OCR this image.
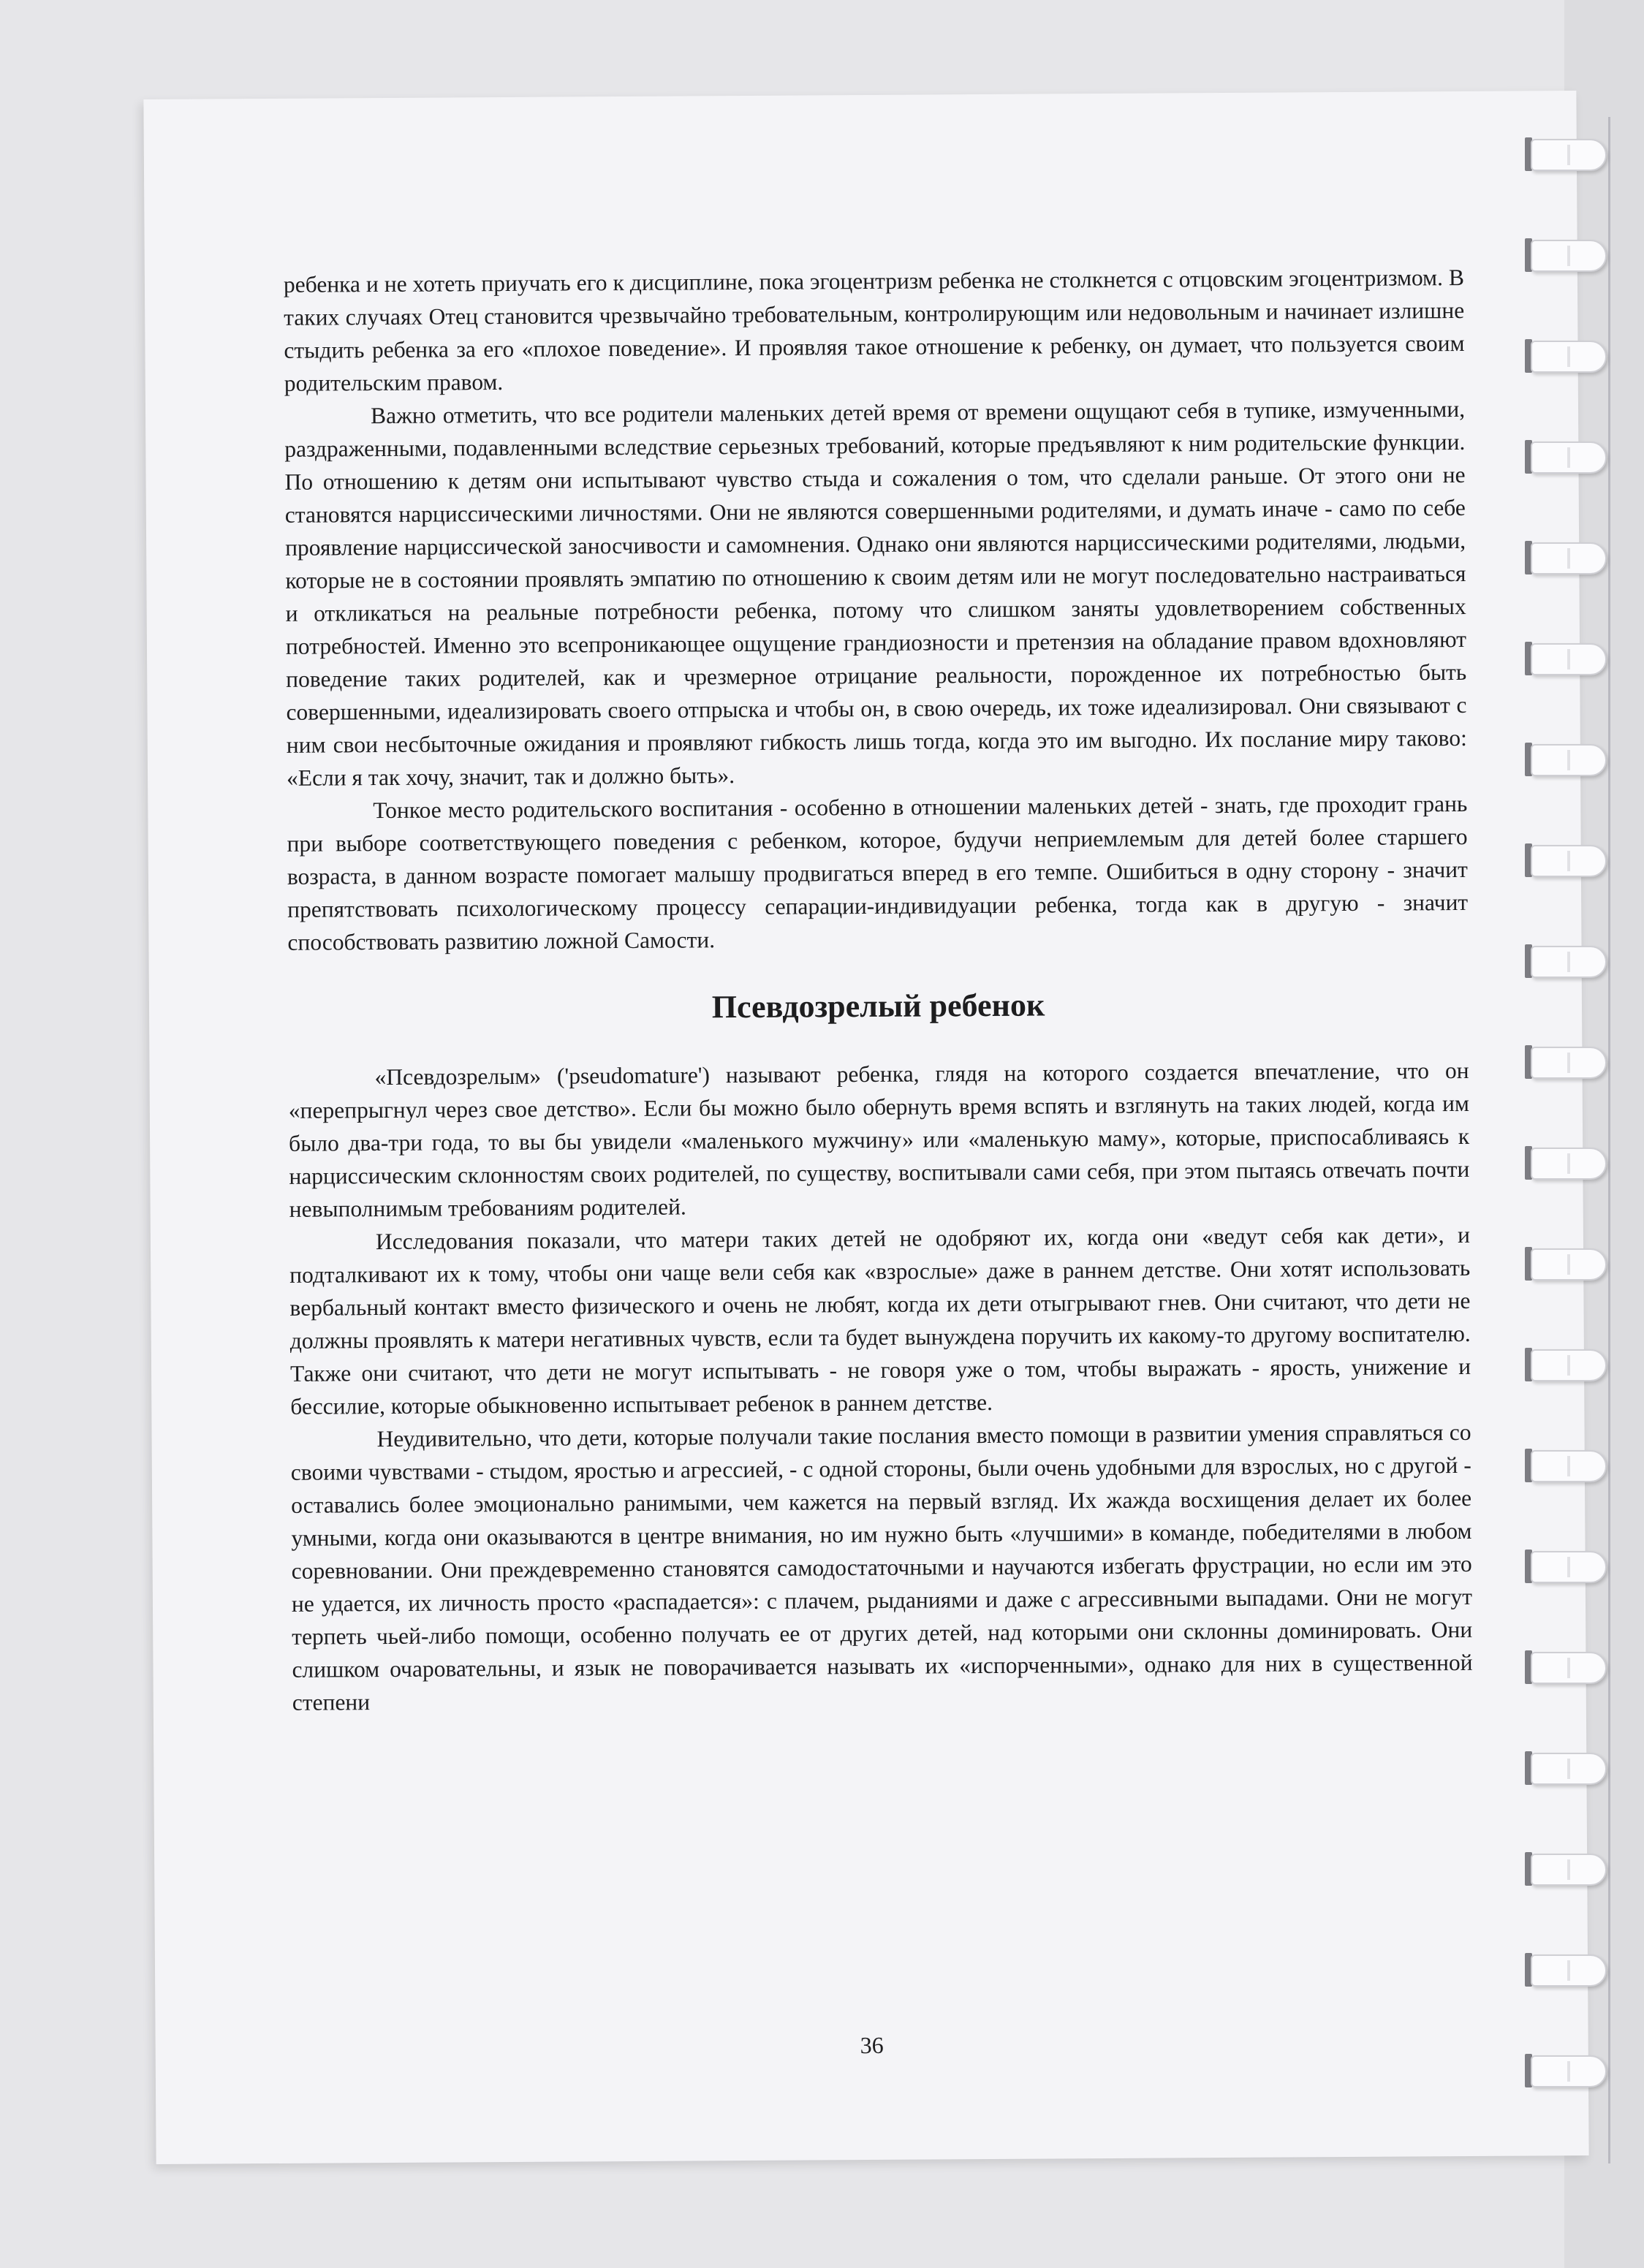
ребенка и не хотеть приучать его к дисциплине, пока эгоцентризм ребенка не столкнется с отцовским эгоцентризмом. В таких случаях Отец становится чрезвычайно требовательным, контролирующим или недовольным и начинает излишне стыдить ребенка за его «плохое поведение». И проявляя такое отношение к ребенку, он думает, что пользуется своим родительским правом.

Важно отметить, что все родители маленьких детей время от времени ощущают себя в тупике, измученными, раздраженными, подавленными вследствие серьезных требований, которые предъявляют к ним родительские функции. По отношению к детям они испытывают чувство стыда и сожаления о том, что сделали раньше. От этого они не становятся нарциссическими личностями. Они не являются совершенными родителями, и думать иначе - само по себе проявление нарциссической заносчивости и самомнения. Однако они являются нарциссическими родителями, людьми, которые не в состоянии проявлять эмпатию по отношению к своим детям или не могут последовательно настраиваться и откликаться на реальные потребности ребенка, потому что слишком заняты удовлетворением собственных потребностей. Именно это всепроникающее ощущение грандиозности и претензия на обладание правом вдохновляют поведение таких родителей, как и чрезмерное отрицание реальности, порожденное их потребностью быть совершенными, идеализировать своего отпрыска и чтобы он, в свою очередь, их тоже идеализировал. Они связывают с ним свои несбыточные ожидания и проявляют гибкость лишь тогда, когда это им выгодно. Их послание миру таково: «Если я так хочу, значит, так и должно быть».

Тонкое место родительского воспитания - особенно в отношении маленьких детей - знать, где проходит грань при выборе соответствующего поведения с ребенком, которое, будучи неприемлемым для детей более старшего возраста, в данном возрасте помогает малышу продвигаться вперед в его темпе. Ошибиться в одну сторону - значит препятствовать психологическому процессу сепарации-индивидуации ребенка, тогда как в другую - значит способствовать развитию ложной Самости.

Псевдозрелый ребенок

«Псевдозрелым» ('pseudomature') называют ребенка, глядя на которого создается впечатление, что он «перепрыгнул через свое детство». Если бы можно было обернуть время вспять и взглянуть на таких людей, когда им было два-три года, то вы бы увидели «маленького мужчину» или «маленькую маму», которые, приспосабливаясь к нарциссическим склонностям своих родителей, по существу, воспитывали сами себя, при этом пытаясь отвечать почти невыполнимым требованиям родителей.

Исследования показали, что матери таких детей не одобряют их, когда они «ведут себя как дети», и подталкивают их к тому, чтобы они чаще вели себя как «взрослые» даже в раннем детстве. Они хотят использовать вербальный контакт вместо физического и очень не любят, когда их дети отыгрывают гнев. Они считают, что дети не должны проявлять к матери негативных чувств, если та будет вынуждена поручить их какому-то другому воспитателю. Также они считают, что дети не могут испытывать - не говоря уже о том, чтобы выражать - ярость, унижение и бессилие, которые обыкновенно испытывает ребенок в раннем детстве.

Неудивительно, что дети, которые получали такие послания вместо помощи в развитии умения справляться со своими чувствами - стыдом, яростью и агрессией, - с одной стороны, были очень удобными для взрослых, но с другой - оставались более эмоционально ранимыми, чем кажется на первый взгляд. Их жажда восхищения делает их более умными, когда они оказываются в центре внимания, но им нужно быть «лучшими» в команде, победителями в любом соревновании. Они преждевременно становятся самодостаточными и научаются избегать фрустрации, но если им это не удается, их личность просто «распадается»: с плачем, рыданиями и даже с агрессивными выпадами. Они не могут терпеть чьей-либо помощи, особенно получать ее от других детей, над которыми они склонны доминировать. Они слишком очаровательны, и язык не поворачивается называть их «испорченными», однако для них в существенной степени

36
